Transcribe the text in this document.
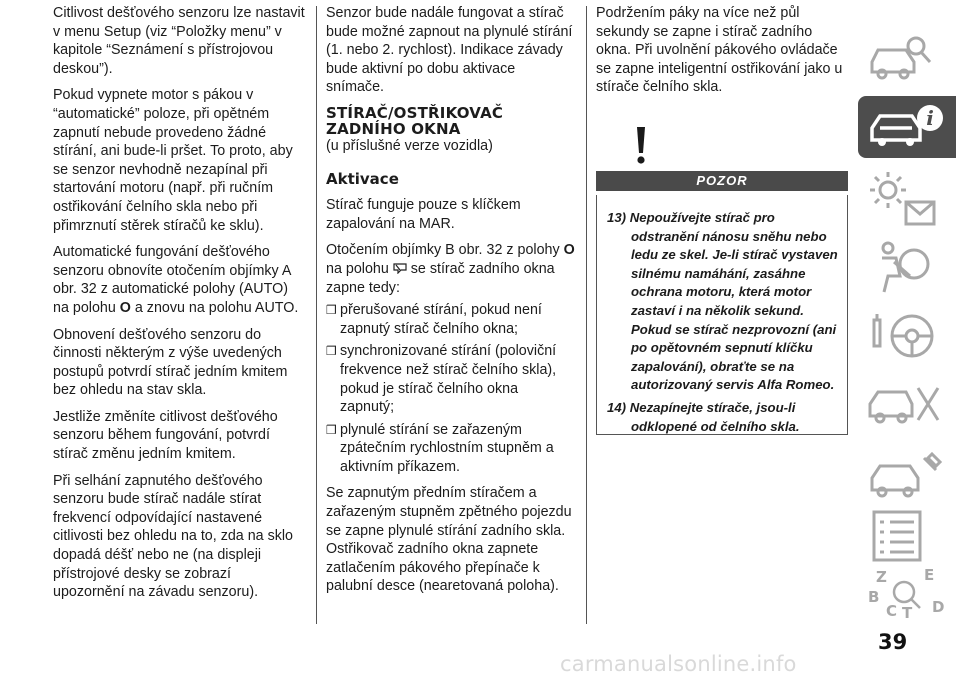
Citlivost dešťového senzoru lze nastavit v menu Setup (viz “Položky menu” v kapitole “Seznámení s přístrojovou deskou”).

Pokud vypnete motor s pákou v “automatické” poloze, při opětném zapnutí nebude provedeno žádné stírání, ani bude-li pršet. To proto, aby se senzor nevhodně nezapínal při startování motoru (např. při ručním ostřikování čelního skla nebo při přimrznutí stěrek stíračů ke sklu).

Automatické fungování dešťového senzoru obnovíte otočením objímky A obr. 32 z automatické polohy (AUTO) na polohu O a znovu na polohu AUTO.

Obnovení dešťového senzoru do činnosti některým z výše uvedených postupů potvrdí stírač jedním kmitem bez ohledu na stav skla.

Jestliže změníte citlivost dešťového senzoru během fungování, potvrdí stírač změnu jedním kmitem.

Při selhání zapnutého dešťového senzoru bude stírač nadále stírat frekvencí odpovídající nastavené citlivosti bez ohledu na to, zda na sklo dopadá déšť nebo ne (na displeji přístrojové desky se zobrazí upozornění na závadu senzoru).

Senzor bude nadále fungovat a stírač bude možné zapnout na plynulé stírání (1. nebo 2. rychlost). Indikace závady bude aktivní po dobu aktivace snímače.

STÍRAČ/OSTŘIKOVAČ
ZADNÍHO OKNA
(u příslušné verze vozidla)
Aktivace

Stírač funguje pouze s klíčkem zapalování na MAR.

Otočením objímky B obr. 32 z polohy O
na polohu  se stírač zadního okna zapne tedy:

❒ přerušované stírání, pokud není zapnutý stírač čelního okna;
❒ synchronizované stírání (poloviční frekvence než stírač čelního skla), pokud je stírač čelního okna zapnutý;
❒ plynulé stírání se zařazeným zpátečním rychlostním stupněm a aktivním příkazem.

Se zapnutým předním stíračem a zařazeným stupněm zpětného pojezdu se zapne plynulé stírání zadního skla. Ostřikovač zadního okna zapnete zatlačením pákového přepínače k palubní desce (nearetovaná poloha).

Podržením páky na více než půl sekundy se zapne i stírač zadního okna. Při uvolnění pákového ovládače se zapne inteligentní ostřikování jako u stírače čelního skla.

POZOR

13) Nepoužívejte stírač pro odstranění nánosu sněhu nebo ledu ze skel. Je-li stírač vystaven silnému namáhání, zasáhne ochrana motoru, která motor zastaví i na několik sekund. Pokud se stírač nezprovozní (ani po opětovném sepnutí klíčku zapalování), obraťte se na autorizovaný servis Alfa Romeo.

14) Nezapínejte stírače, jsou-li odklopené od čelního skla.

i
Z E
B
C T D
39
carmanualsonline.info
